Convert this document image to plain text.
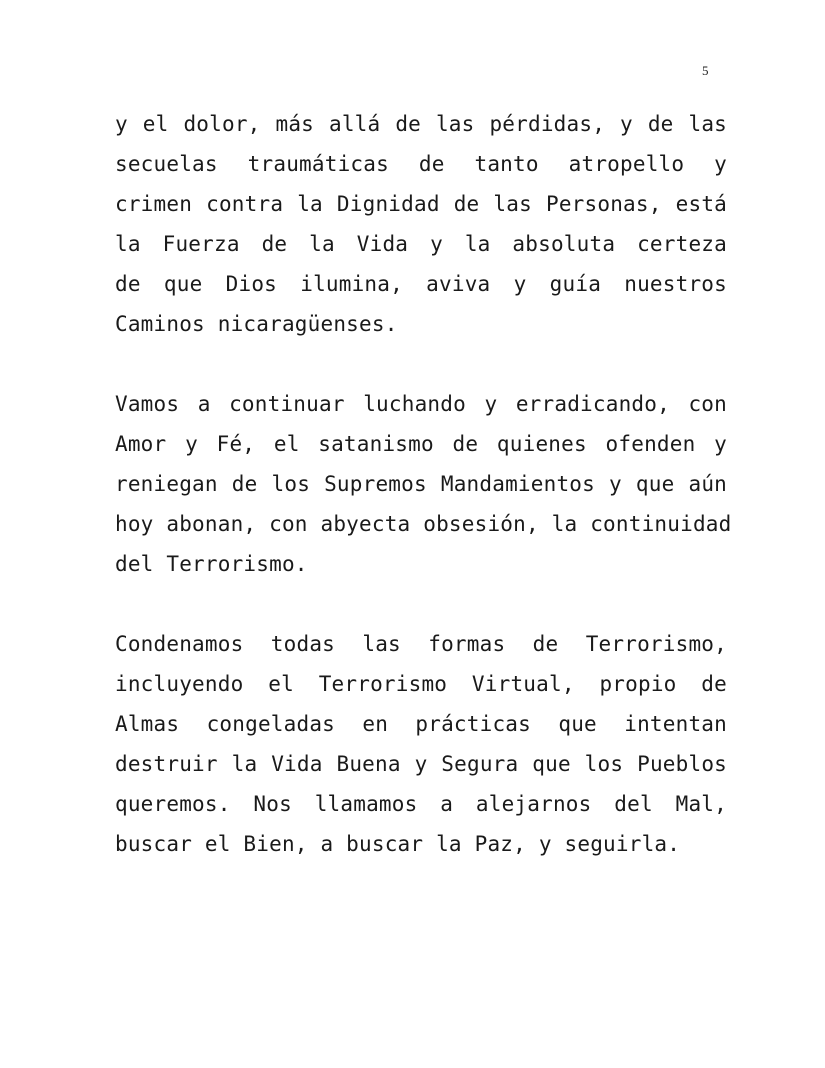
5
y el dolor, más allá de las pérdidas, y de las
secuelas traumáticas de tanto atropello y
crimen contra la Dignidad de las Personas, está
la Fuerza de la Vida y la absoluta certeza
de que Dios ilumina, aviva y guía nuestros
Caminos nicaragüenses.
Vamos a continuar luchando y erradicando, con
Amor y Fé, el satanismo de quienes ofenden y
reniegan de los Supremos Mandamientos y que aún
hoy abonan, con abyecta obsesión, la continuidad
del Terrorismo.
Condenamos todas las formas de Terrorismo,
incluyendo el Terrorismo Virtual, propio de
Almas congeladas en prácticas que intentan
destruir la Vida Buena y Segura que los Pueblos
queremos. Nos llamamos a alejarnos del Mal,
buscar el Bien, a buscar la Paz, y seguirla.
